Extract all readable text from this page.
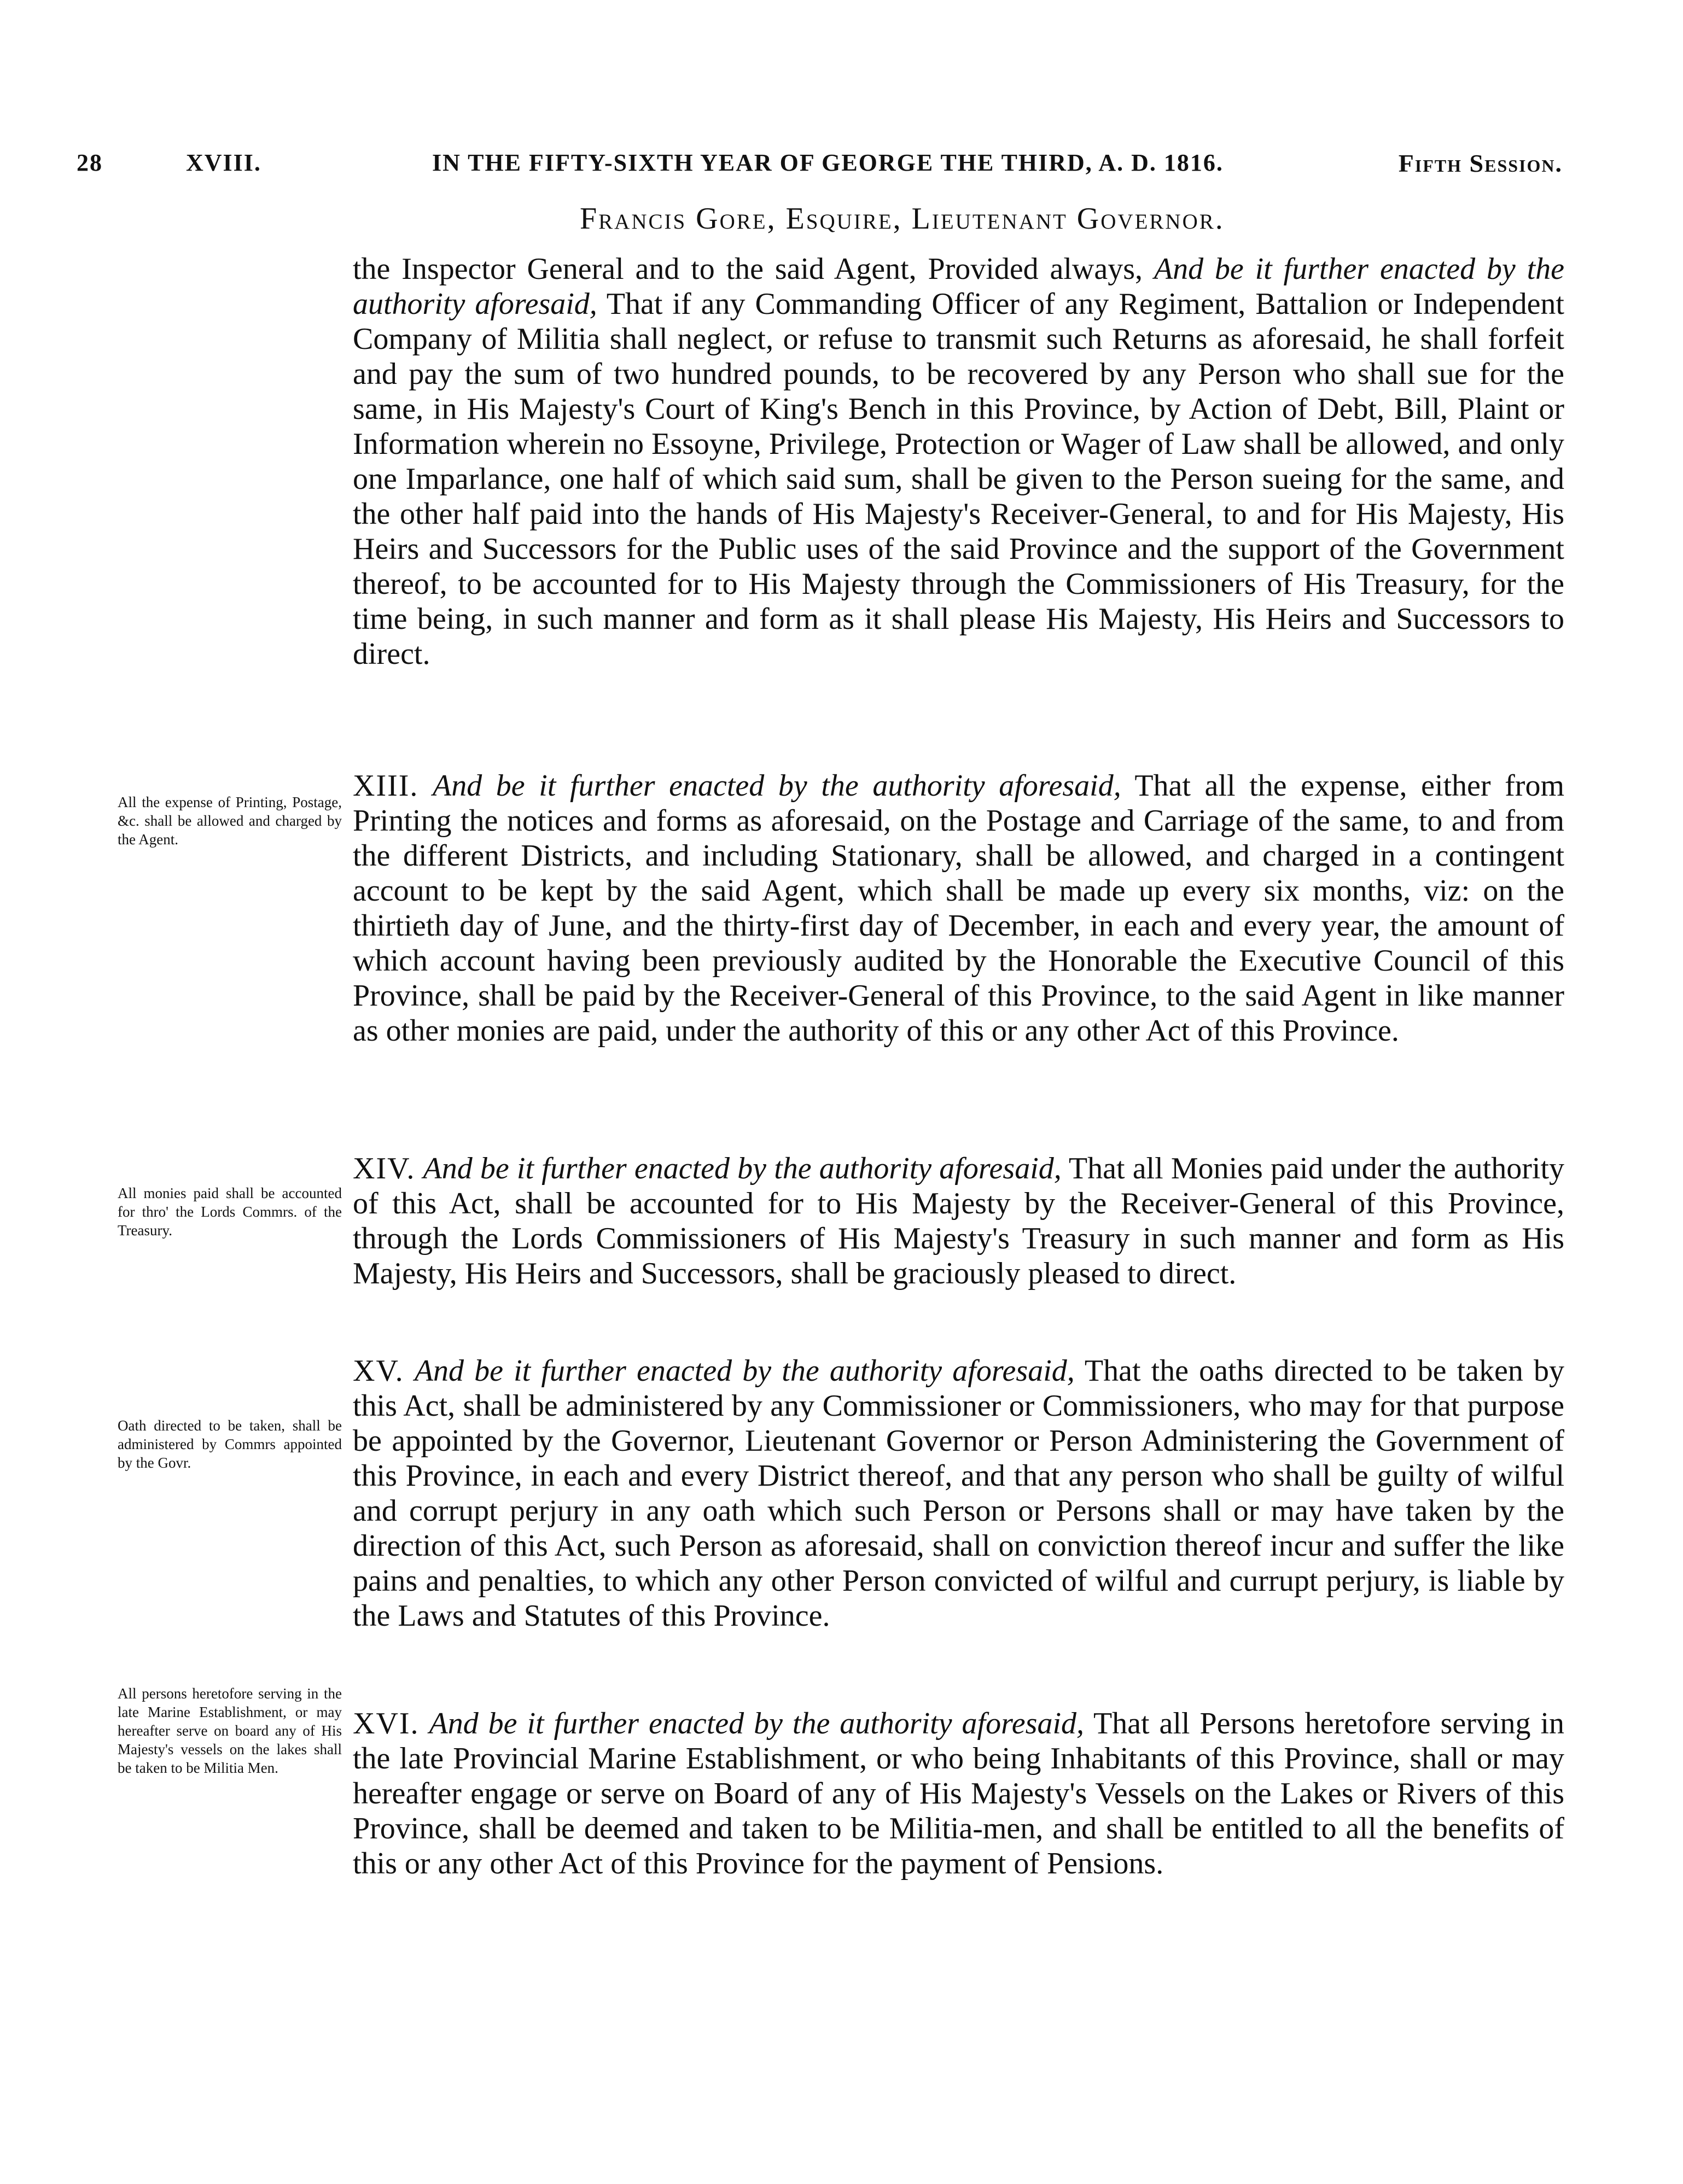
28	XVIII.	IN THE FIFTY-SIXTH YEAR OF GEORGE THE THIRD, A. D. 1816.	Fifth Session.
Francis Gore, Esquire, Lieutenant Governor.

the Inspector General and to the said Agent, Provided always, And be it further enacted by the authority aforesaid, That if any Commanding Officer of any Regiment, Battalion or Independent Company of Militia shall neglect, or refuse to transmit such Returns as aforesaid, he shall forfeit and pay the sum of two hundred pounds, to be recovered by any Person who shall sue for the same, in His Majesty's Court of King's Bench in this Province, by Action of Debt, Bill, Plaint or Information wherein no Essoyne, Privilege, Protection or Wager of Law shall be allowed, and only one Imparlance, one half of which said sum, shall be given to the Person sueing for the same, and the other half paid into the hands of His Majesty's Receiver-General, to and for His Majesty, His Heirs and Successors for the Public uses of the said Province and the support of the Government thereof, to be accounted for to His Majesty through the Commissioners of His Treasury, for the time being, in such manner and form as it shall please His Majesty, His Heirs and Successors to direct.

All the expense of Printing, Postage, &c. shall be allowed and charged by the Agent.

XIII. And be it further enacted by the authority aforesaid, That all the expense, either from Printing the notices and forms as aforesaid, on the Postage and Carriage of the same, to and from the different Districts, and including Stationary, shall be allowed, and charged in a contingent account to be kept by the said Agent, which shall be made up every six months, viz: on the thirtieth day of June, and the thirty-first day of December, in each and every year, the amount of which account having been previously audited by the Honorable the Executive Council of this Province, shall be paid by the Receiver-General of this Province, to the said Agent in like manner as other monies are paid, under the authority of this or any other Act of this Province.

All monies paid shall be accounted for thro' the Lords Commrs. of the Treasury.

XIV. And be it further enacted by the authority aforesaid, That all Monies paid under the authority of this Act, shall be accounted for to His Majesty by the Receiver-General of this Province, through the Lords Commissioners of His Majesty's Treasury in such manner and form as His Majesty, His Heirs and Successors, shall be graciously pleased to direct.

Oath directed to be taken, shall be administered by Commrs appointed by the Govr.

XV. And be it further enacted by the authority aforesaid, That the oaths directed to be taken by this Act, shall be administered by any Commissioner or Commissioners, who may for that purpose be appointed by the Governor, Lieutenant Governor or Person Administering the Government of this Province, in each and every District thereof, and that any person who shall be guilty of wilful and corrupt perjury in any oath which such Person or Persons shall or may have taken by the direction of this Act, such Person as aforesaid, shall on conviction thereof incur and suffer the like pains and penalties, to which any other Person convicted of wilful and currupt perjury, is liable by the Laws and Statutes of this Province.

All persons heretofore serving in the late Marine Establishment, or may hereafter serve on board any of His Majesty's vessels on the lakes shall be taken to be Militia Men.

XVI. And be it further enacted by the authority aforesaid, That all Persons heretofore serving in the late Provincial Marine Establishment, or who being Inhabitants of this Province, shall or may hereafter engage or serve on Board of any of His Majesty's Vessels on the Lakes or Rivers of this Province, shall be deemed and taken to be Militia-men, and shall be entitled to all the benefits of this or any other Act of this Province for the payment of Pensions.
